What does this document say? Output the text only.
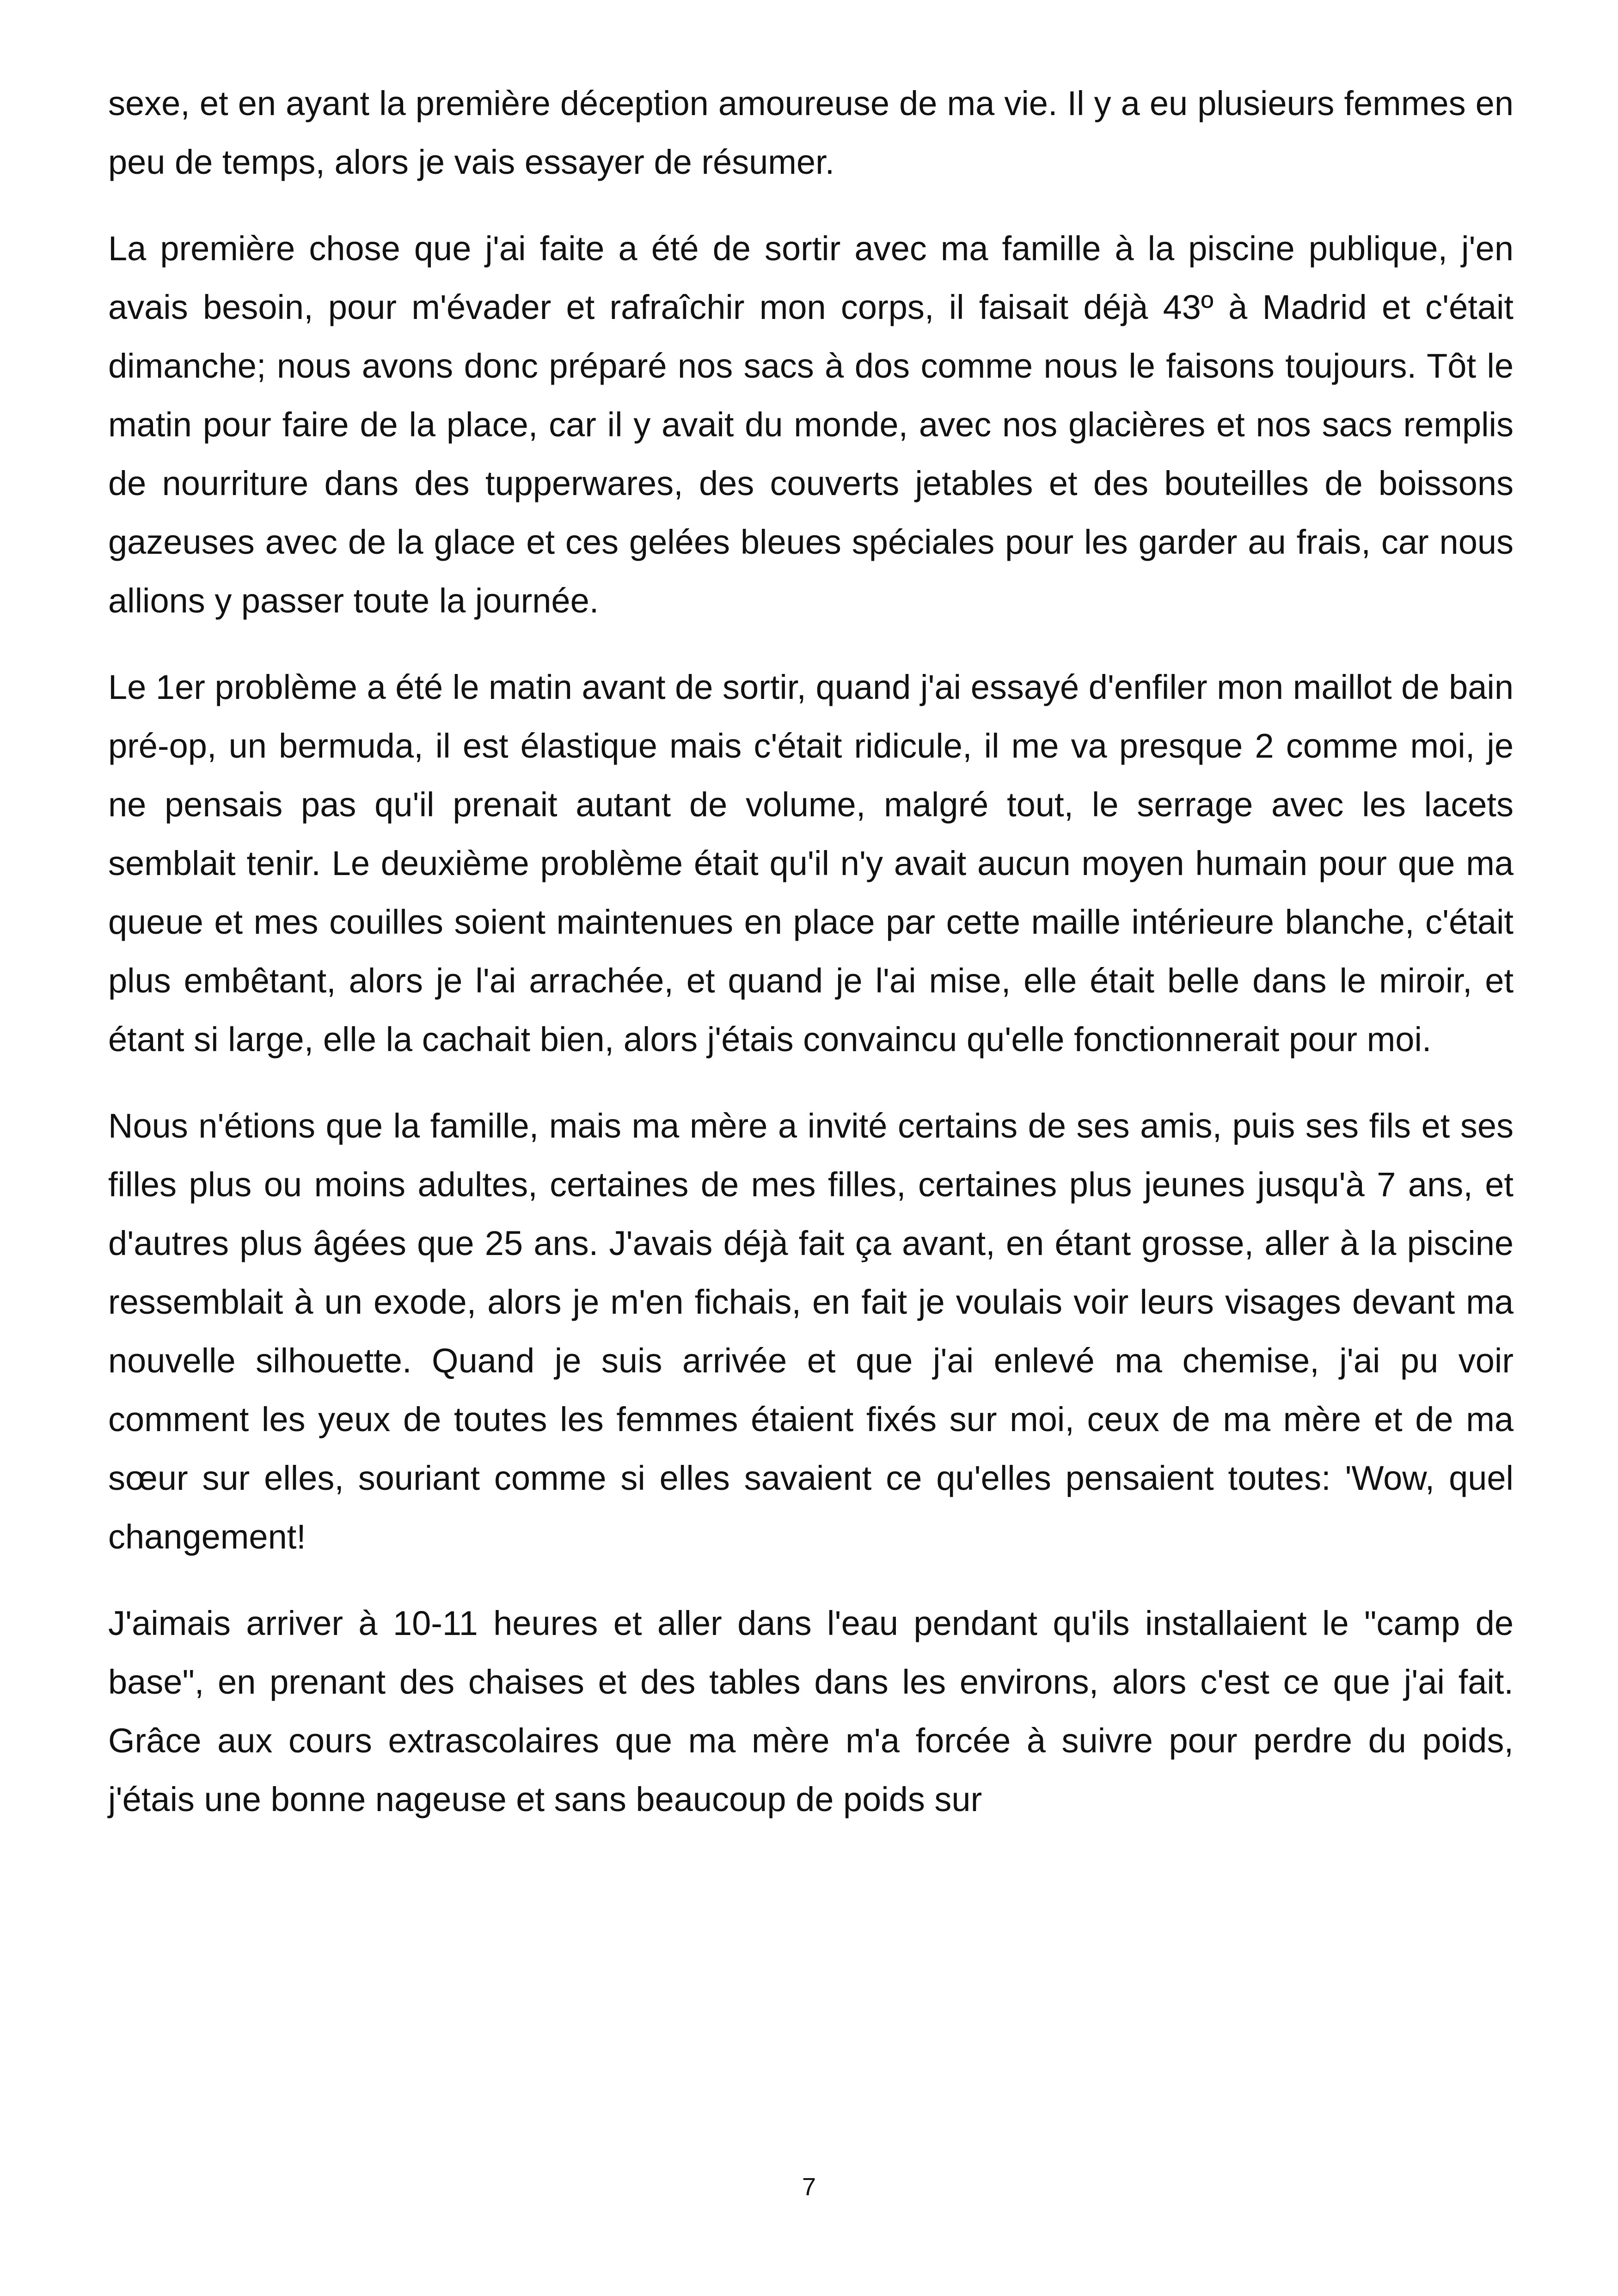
sexe, et en ayant la première déception amoureuse de ma vie. Il y a eu plusieurs femmes en peu de temps, alors je vais essayer de résumer.

La première chose que j'ai faite a été de sortir avec ma famille à la piscine publique, j'en avais besoin, pour m'évader et rafraîchir mon corps, il faisait déjà 43º à Madrid et c'était dimanche; nous avons donc préparé nos sacs à dos comme nous le faisons toujours. Tôt le matin pour faire de la place, car il y avait du monde, avec nos glacières et nos sacs remplis de nourriture dans des tupperwares, des couverts jetables et des bouteilles de boissons gazeuses avec de la glace et ces gelées bleues spéciales pour les garder au frais, car nous allions y passer toute la journée.

Le 1er problème a été le matin avant de sortir, quand j'ai essayé d'enfiler mon maillot de bain pré-op, un bermuda, il est élastique mais c'était ridicule, il me va presque 2 comme moi, je ne pensais pas qu'il prenait autant de volume, malgré tout, le serrage avec les lacets semblait tenir. Le deuxième problème était qu'il n'y avait aucun moyen humain pour que ma queue et mes couilles soient maintenues en place par cette maille intérieure blanche, c'était plus embêtant, alors je l'ai arrachée, et quand je l'ai mise, elle était belle dans le miroir, et étant si large, elle la cachait bien, alors j'étais convaincu qu'elle fonctionnerait pour moi.

Nous n'étions que la famille, mais ma mère a invité certains de ses amis, puis ses fils et ses filles plus ou moins adultes, certaines de mes filles, certaines plus jeunes jusqu'à 7 ans, et d'autres plus âgées que 25 ans. J'avais déjà fait ça avant, en étant grosse, aller à la piscine ressemblait à un exode, alors je m'en fichais, en fait je voulais voir leurs visages devant ma nouvelle silhouette. Quand je suis arrivée et que j'ai enlevé ma chemise, j'ai pu voir comment les yeux de toutes les femmes étaient fixés sur moi, ceux de ma mère et de ma sœur sur elles, souriant comme si elles savaient ce qu'elles pensaient toutes: 'Wow, quel changement!

J'aimais arriver à 10-11 heures et aller dans l'eau pendant qu'ils installaient le "camp de base", en prenant des chaises et des tables dans les environs, alors c'est ce que j'ai fait. Grâce aux cours extrascolaires que ma mère m'a forcée à suivre pour perdre du poids, j'étais une bonne nageuse et sans beaucoup de poids sur

7
